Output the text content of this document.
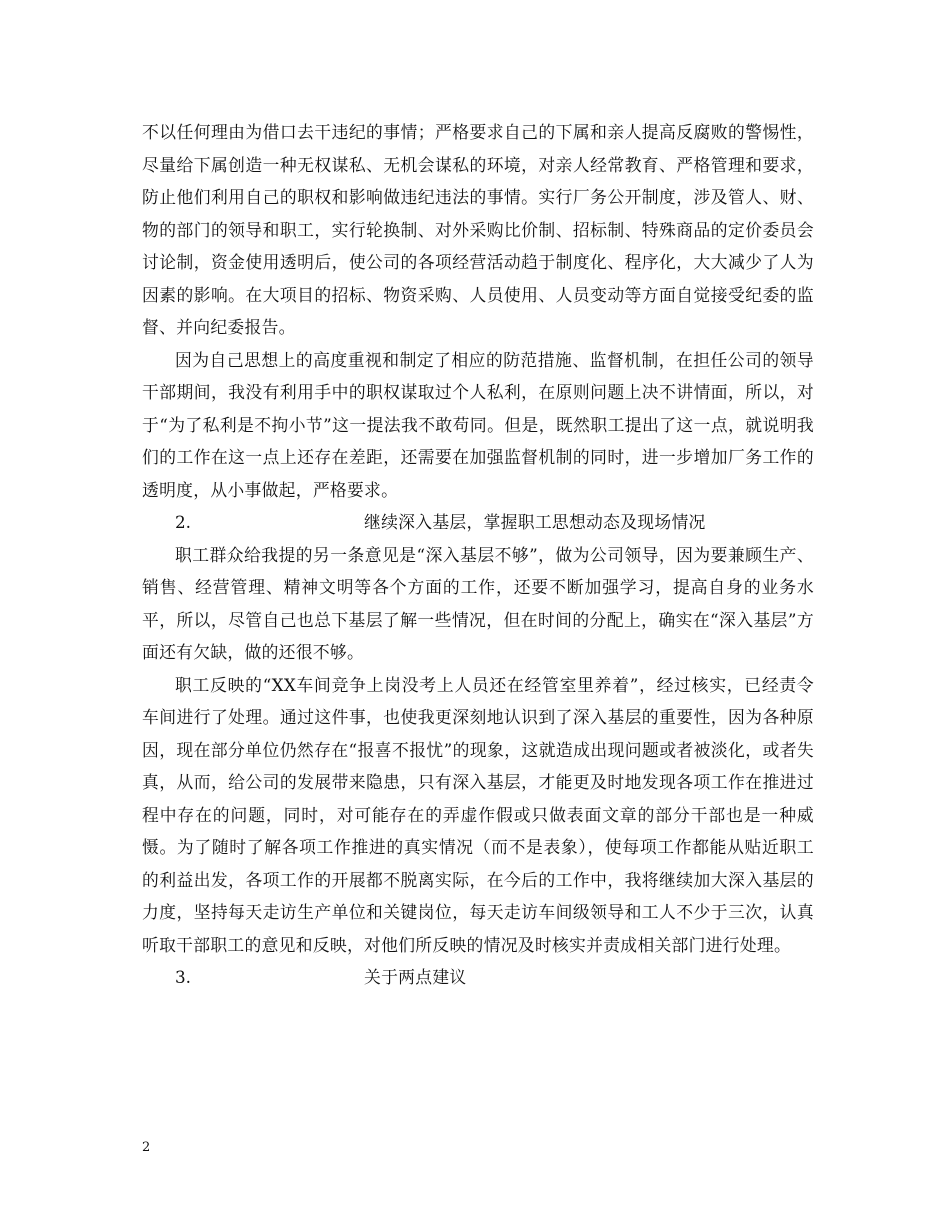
不以任何理由为借口去干违纪的事情；严格要求自己的下属和亲人提高反腐败的警惕性，尽量给下属创造一种无权谋私、无机会谋私的环境，对亲人经常教育、严格管理和要求，防止他们利用自己的职权和影响做违纪违法的事情。实行厂务公开制度，涉及管人、财、物的部门的领导和职工，实行轮换制、对外采购比价制、招标制、特殊商品的定价委员会讨论制，资金使用透明后，使公司的各项经营活动趋于制度化、程序化，大大减少了人为因素的影响。在大项目的招标、物资采购、人员使用、人员变动等方面自觉接受纪委的监督、并向纪委报告。

因为自己思想上的高度重视和制定了相应的防范措施、监督机制，在担任公司的领导干部期间，我没有利用手中的职权谋取过个人私利，在原则问题上决不讲情面，所以，对于“为了私利是不拘小节”这一提法我不敢苟同。但是，既然职工提出了这一点，就说明我们的工作在这一点上还存在差距，还需要在加强监督机制的同时，进一步增加厂务工作的透明度，从小事做起，严格要求。

2.	继续深入基层，掌握职工思想动态及现场情况

职工群众给我提的另一条意见是“深入基层不够”，做为公司领导，因为要兼顾生产、销售、经营管理、精神文明等各个方面的工作，还要不断加强学习，提高自身的业务水平，所以，尽管自己也总下基层了解一些情况，但在时间的分配上，确实在“深入基层”方面还有欠缺，做的还很不够。

职工反映的“XX车间竞争上岗没考上人员还在经管室里养着”，经过核实，已经责令车间进行了处理。通过这件事，也使我更深刻地认识到了深入基层的重要性，因为各种原因，现在部分单位仍然存在“报喜不报忧”的现象，这就造成出现问题或者被淡化，或者失真，从而，给公司的发展带来隐患，只有深入基层，才能更及时地发现各项工作在推进过程中存在的问题，同时，对可能存在的弄虚作假或只做表面文章的部分干部也是一种威慑。为了随时了解各项工作推进的真实情况（而不是表象），使每项工作都能从贴近职工的利益出发，各项工作的开展都不脱离实际，在今后的工作中，我将继续加大深入基层的力度，坚持每天走访生产单位和关键岗位，每天走访车间级领导和工人不少于三次，认真听取干部职工的意见和反映，对他们所反映的情况及时核实并责成相关部门进行处理。

3.	关于两点建议
2
